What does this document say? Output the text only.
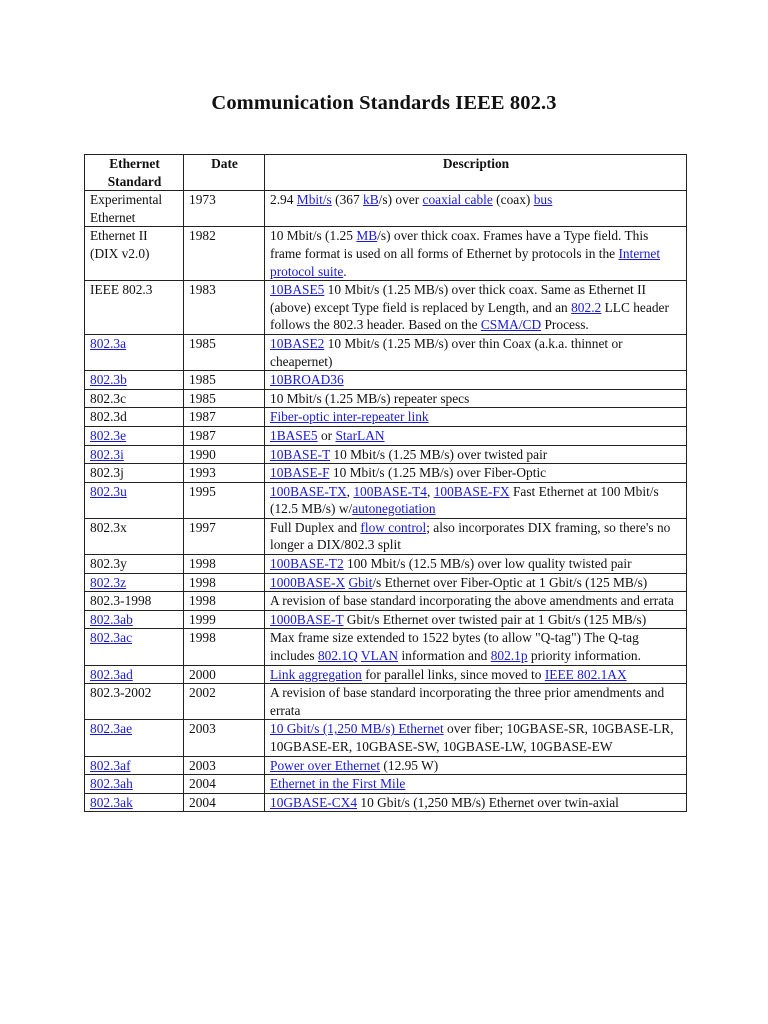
Communication Standards IEEE 802.3
Ethernet Standard	Date	Description
Experimental Ethernet	1973	2.94 Mbit/s (367 kB/s) over coaxial cable (coax) bus
Ethernet II (DIX v2.0)	1982	10 Mbit/s (1.25 MB/s) over thick coax. Frames have a Type field. This frame format is used on all forms of Ethernet by protocols in the Internet protocol suite.
IEEE 802.3	1983	10BASE5 10 Mbit/s (1.25 MB/s) over thick coax. Same as Ethernet II (above) except Type field is replaced by Length, and an 802.2 LLC header follows the 802.3 header. Based on the CSMA/CD Process.
802.3a	1985	10BASE2 10 Mbit/s (1.25 MB/s) over thin Coax (a.k.a. thinnet or cheapernet)
802.3b	1985	10BROAD36
802.3c	1985	10 Mbit/s (1.25 MB/s) repeater specs
802.3d	1987	Fiber-optic inter-repeater link
802.3e	1987	1BASE5 or StarLAN
802.3i	1990	10BASE-T 10 Mbit/s (1.25 MB/s) over twisted pair
802.3j	1993	10BASE-F 10 Mbit/s (1.25 MB/s) over Fiber-Optic
802.3u	1995	100BASE-TX, 100BASE-T4, 100BASE-FX Fast Ethernet at 100 Mbit/s (12.5 MB/s) w/autonegotiation
802.3x	1997	Full Duplex and flow control; also incorporates DIX framing, so there's no longer a DIX/802.3 split
802.3y	1998	100BASE-T2 100 Mbit/s (12.5 MB/s) over low quality twisted pair
802.3z	1998	1000BASE-X Gbit/s Ethernet over Fiber-Optic at 1 Gbit/s (125 MB/s)
802.3-1998	1998	A revision of base standard incorporating the above amendments and errata
802.3ab	1999	1000BASE-T Gbit/s Ethernet over twisted pair at 1 Gbit/s (125 MB/s)
802.3ac	1998	Max frame size extended to 1522 bytes (to allow "Q-tag") The Q-tag includes 802.1Q VLAN information and 802.1p priority information.
802.3ad	2000	Link aggregation for parallel links, since moved to IEEE 802.1AX
802.3-2002	2002	A revision of base standard incorporating the three prior amendments and errata
802.3ae	2003	10 Gbit/s (1,250 MB/s) Ethernet over fiber; 10GBASE-SR, 10GBASE-LR, 10GBASE-ER, 10GBASE-SW, 10GBASE-LW, 10GBASE-EW
802.3af	2003	Power over Ethernet (12.95 W)
802.3ah	2004	Ethernet in the First Mile
802.3ak	2004	10GBASE-CX4 10 Gbit/s (1,250 MB/s) Ethernet over twin-axial
